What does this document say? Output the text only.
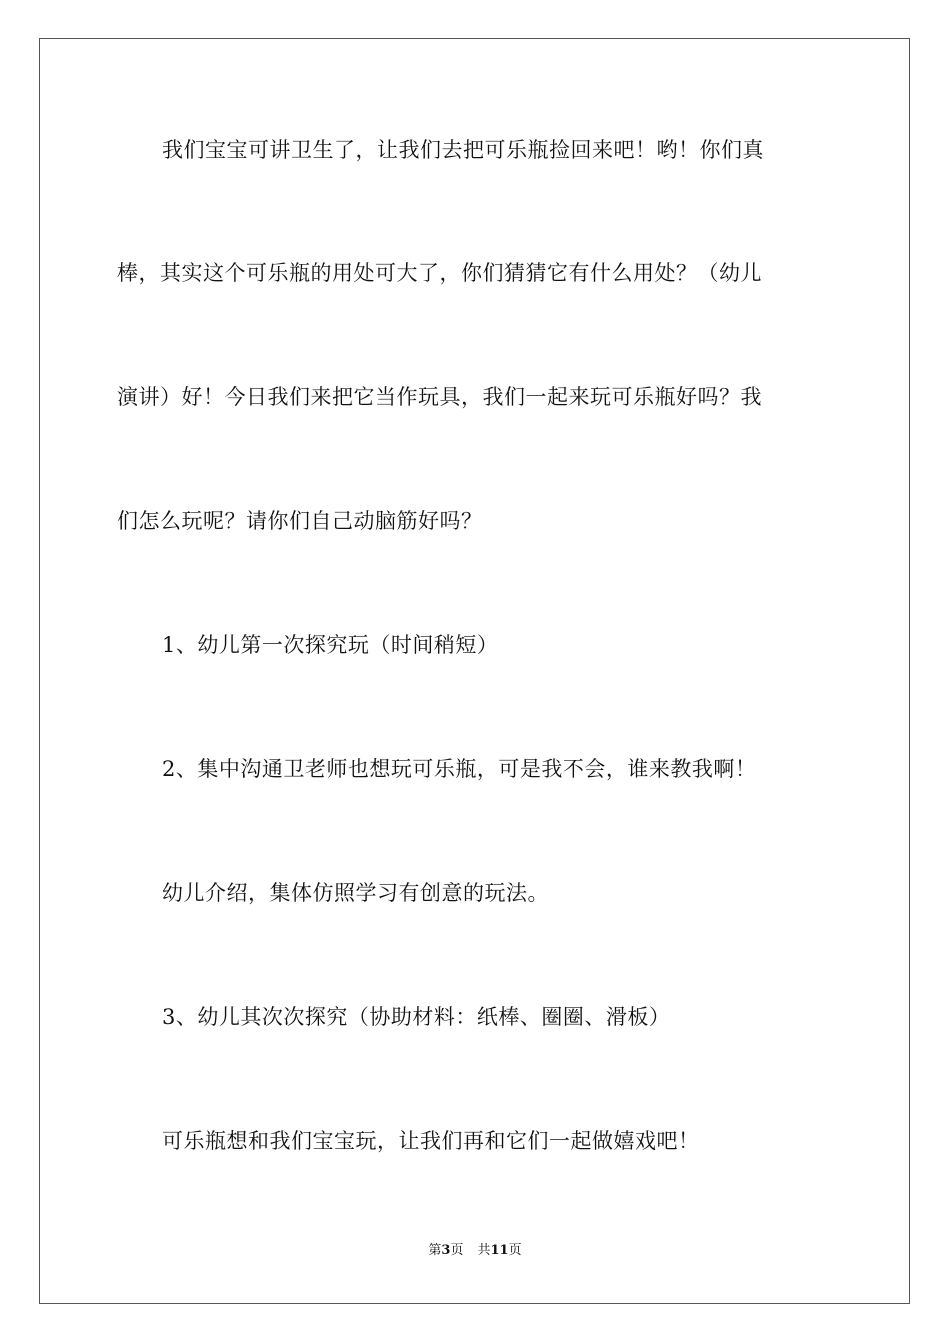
我们宝宝可讲卫生了，让我们去把可乐瓶捡回来吧！哟！你们真
棒，其实这个可乐瓶的用处可大了，你们猜猜它有什么用处？（幼儿
演讲）好！今日我们来把它当作玩具，我们一起来玩可乐瓶好吗？我
们怎么玩呢？请你们自己动脑筋好吗？
1、幼儿第一次探究玩（时间稍短）
2、集中沟通卫老师也想玩可乐瓶，可是我不会，谁来教我啊！
幼儿介绍，集体仿照学习有创意的玩法。
3、幼儿其次次探究（协助材料：纸棒、圈圈、滑板）
可乐瓶想和我们宝宝玩，让我们再和它们一起做嬉戏吧！
第3页 共11页
